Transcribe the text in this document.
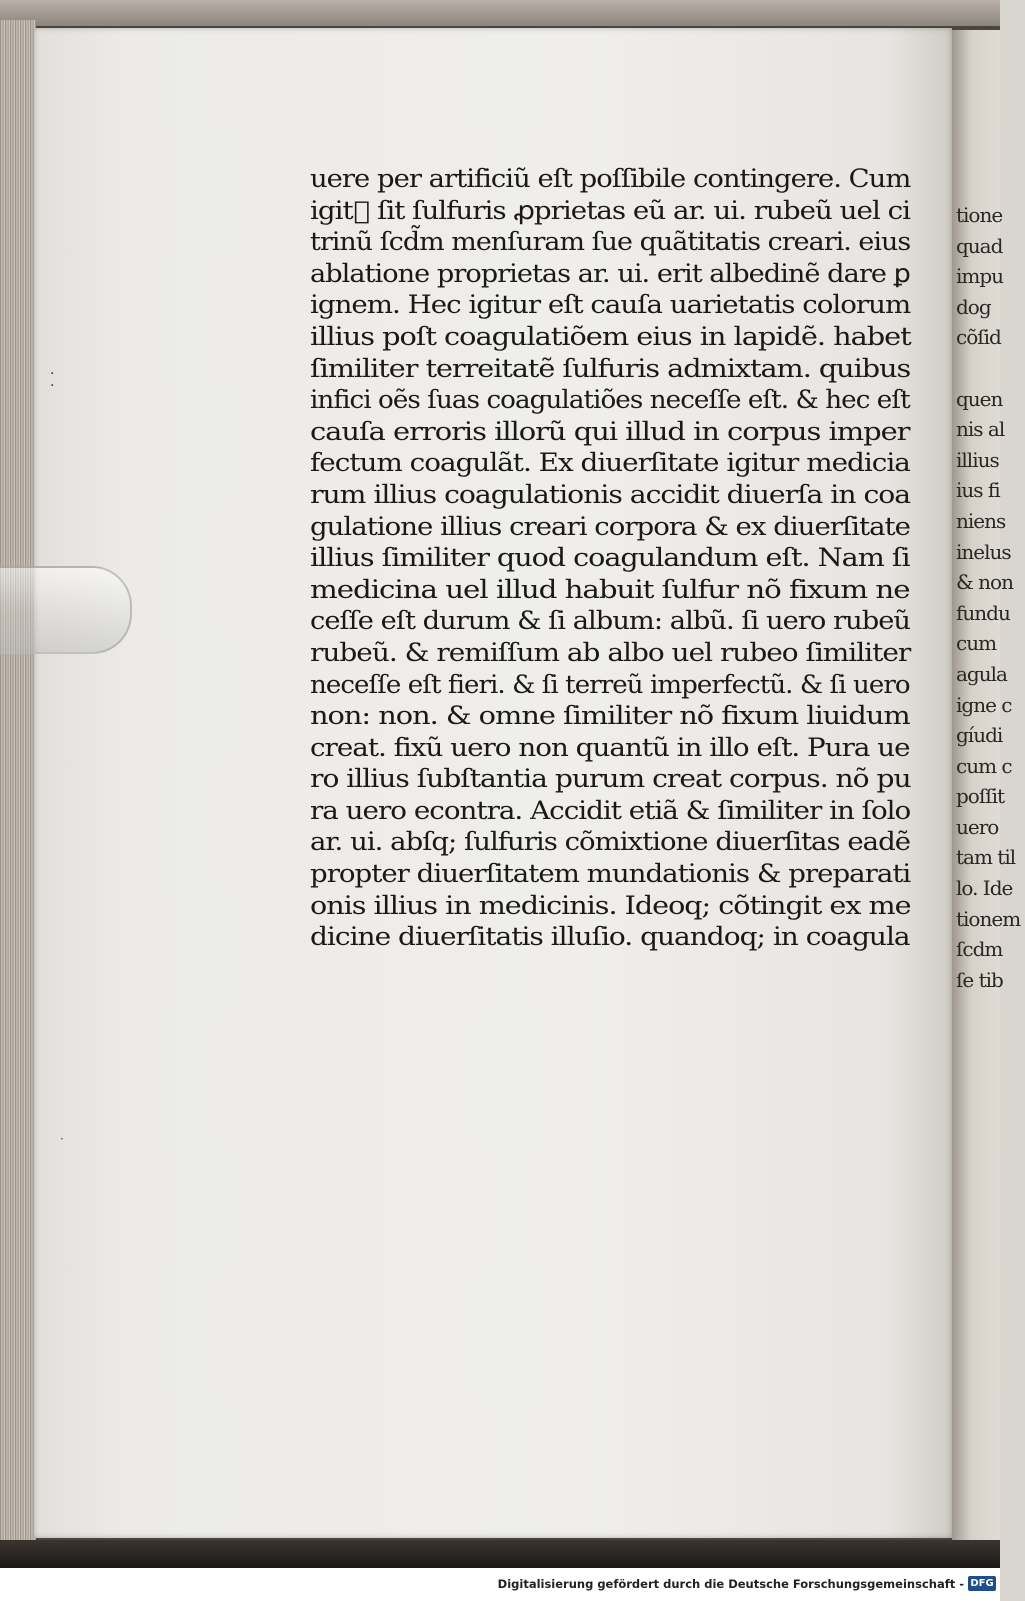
tione
quad
impu
dog
cõſid
quen
nis al
illius
ius fi
niens
inelus
& non
fundu
cum
agula
igne c
gíudi
cum c
poſſit
uero
tam til
lo. Ide
tionem
ſcdm
ſe tib
·
·
·
uere per artificiũ eſt poſſibile contingere. Cum
igitᷣ ſit ſulfuris ꝓprietas eũ ar. ui. rubeũ uel ci
trinũ ſcd̃m menſuram ſue quãtitatis creari. eius
ablatione proprietas ar. ui. erit albedinẽ dare ꝑ
ignem. Hec igitur eſt cauſa uarietatis colorum
illius poſt coagulatiõem eius in lapidẽ. habet
ſimiliter terreitatẽ ſulfuris admixtam. quibus
infici oẽs ſuas coagulatiões neceſſe eſt. & hec eſt
cauſa erroris illorũ qui illud in corpus imper
fectum coagulãt. Ex diuerſitate igitur medicia
rum illius coagulationis accidit diuerſa in coa
gulatione illius creari corpora & ex diuerſitate
illius ſimiliter quod coagulandum eſt. Nam ſi
medicina uel illud habuit ſulfur nõ fixum ne
ceſſe eſt durum & ſi album: albũ. ſi uero rubeũ
rubeũ. & remiſſum ab albo uel rubeo ſimiliter
neceſſe eſt fieri. & ſi terreũ imperfectũ. & ſi uero
non: non. & omne ſimiliter nõ fixum liuidum
creat. fixũ uero non quantũ in illo eſt. Pura ue
ro illius ſubſtantia purum creat corpus. nõ pu
ra uero econtra. Accidit etiã & ſimiliter in ſolo
ar. ui. abſq; ſulfuris cõmixtione diuerſitas eadẽ
propter diuerſitatem mundationis & preparati
onis illius in medicinis. Ideoq; cõtingit ex me
dicine diuerſitatis illuſio. quandoq; in coagula
Digitalisierung gefördert durch die Deutsche Forschungsgemeinschaft - DFG
